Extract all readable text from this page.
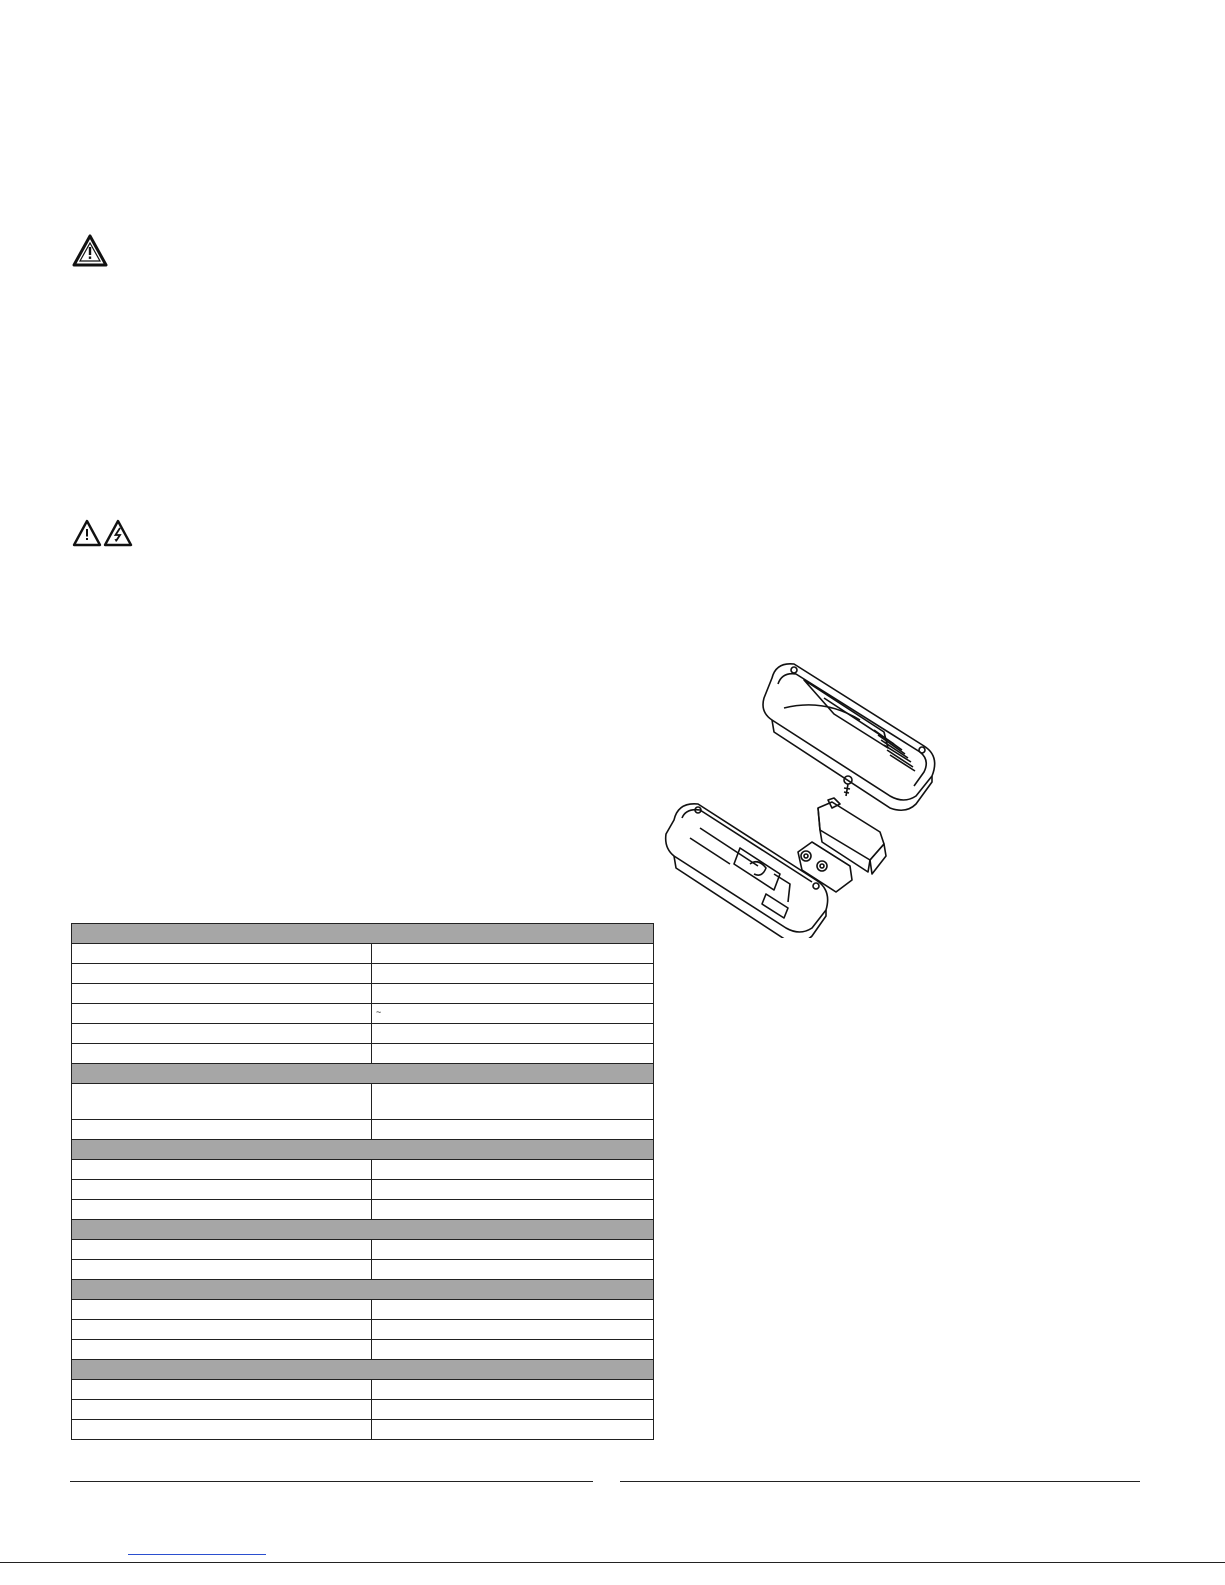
	~
